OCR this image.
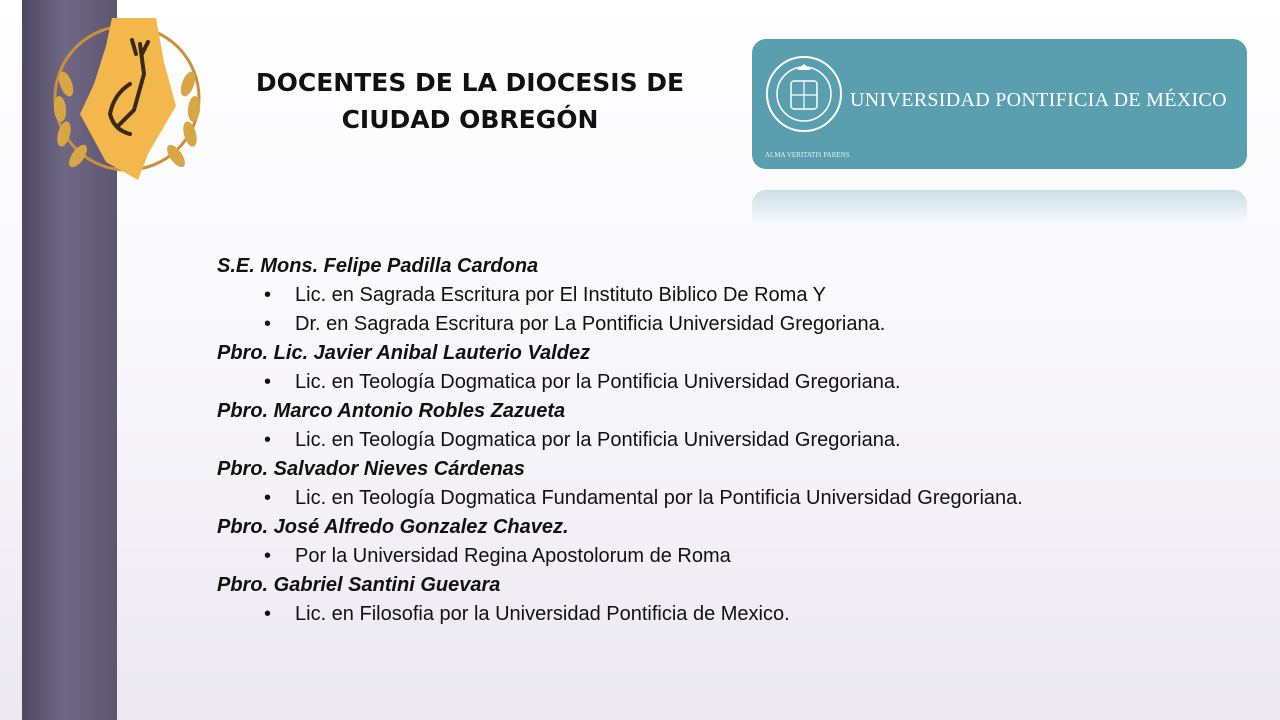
DOCENTES DE LA DIOCESIS DE
CIUDAD OBREGÓN
UNIVERSIDAD PONTIFICIA DE MÉXICO
ALMA VERITATIS PARENS
S.E. Mons. Felipe Padilla Cardona
• Lic. en Sagrada Escritura por El Instituto Biblico De Roma Y
• Dr. en Sagrada Escritura por La Pontificia Universidad Gregoriana.
Pbro. Lic. Javier Anibal Lauterio Valdez
• Lic. en Teología Dogmatica por la Pontificia Universidad Gregoriana.
Pbro. Marco Antonio Robles Zazueta
• Lic. en Teología Dogmatica por la Pontificia Universidad Gregoriana.
Pbro. Salvador Nieves Cárdenas
• Lic. en Teología Dogmatica Fundamental por la Pontificia Universidad Gregoriana.
Pbro. José Alfredo Gonzalez Chavez.
• Por la Universidad Regina Apostolorum de Roma
Pbro. Gabriel Santini Guevara
• Lic. en Filosofia por la Universidad Pontificia de Mexico.
